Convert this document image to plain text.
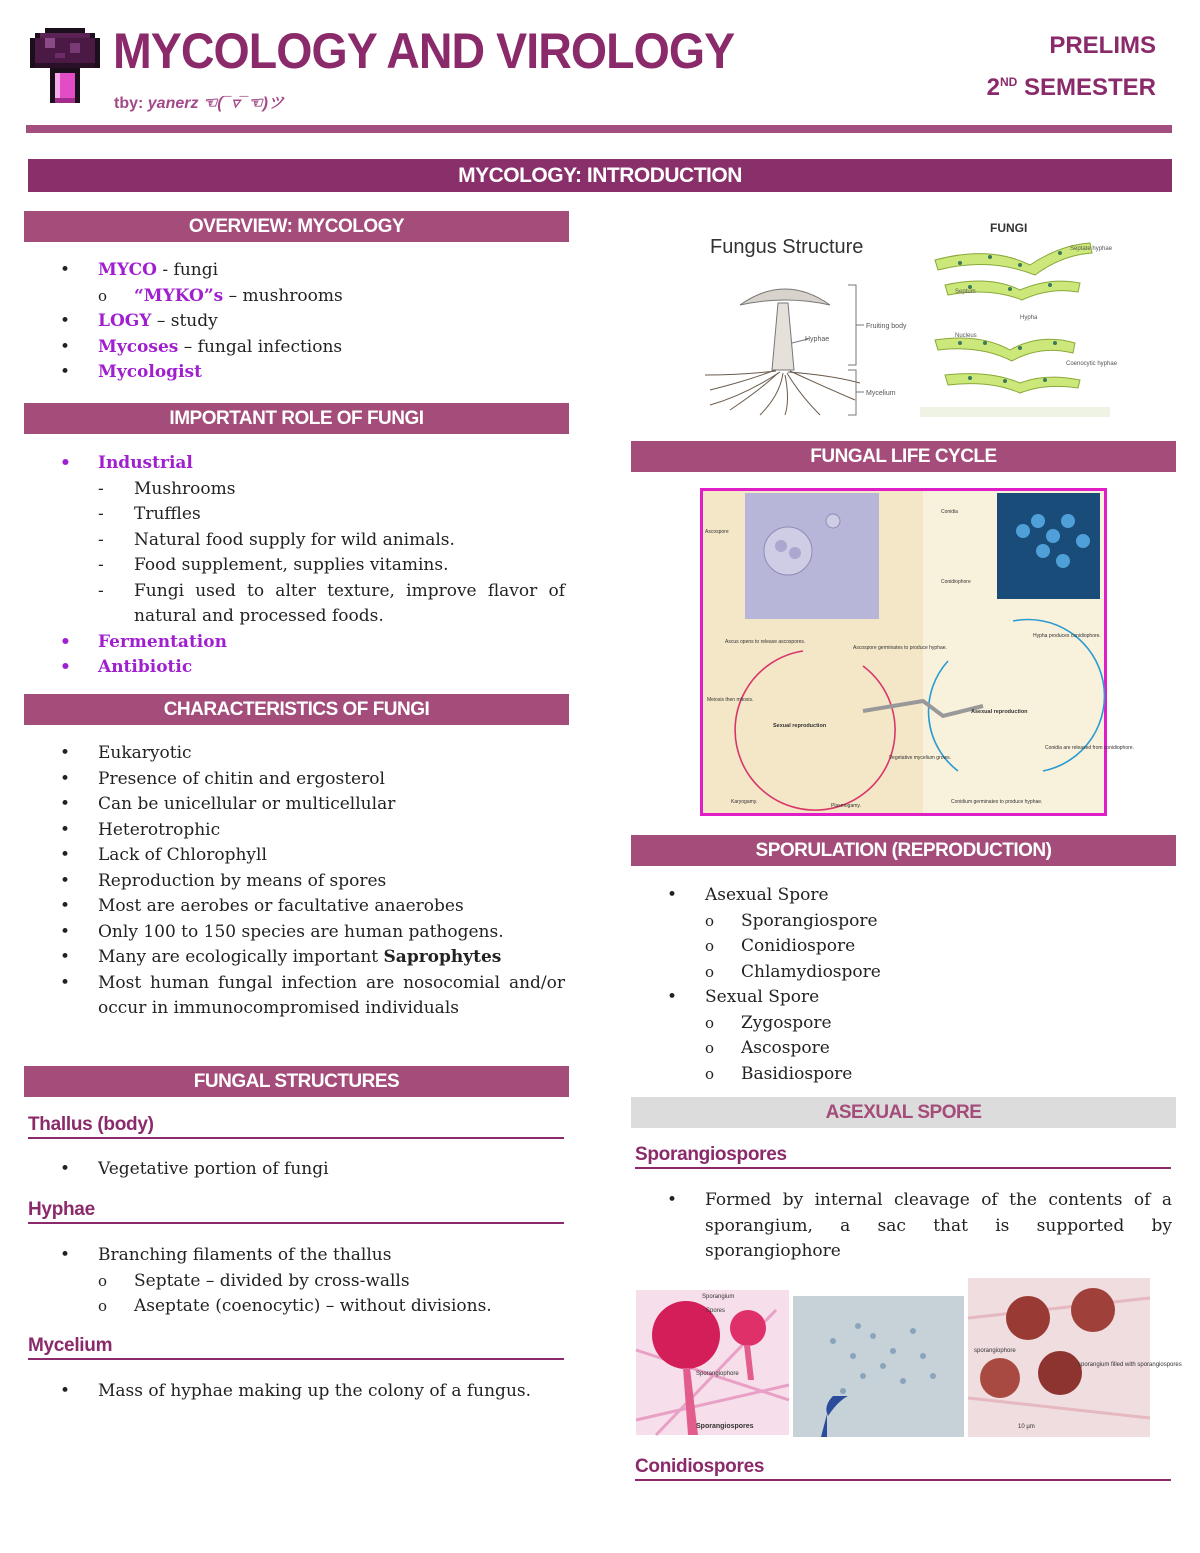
MYCOLOGY AND VIROLOGY
tby: yanerz ☜(¯▿¯☜)ツ
PRELIMS
2ND SEMESTER
MYCOLOGY: INTRODUCTION
OVERVIEW: MYCOLOGY
• MYCO - fungi
o “MYKO”s – mushrooms
• LOGY – study
• Mycoses – fungal infections
• Mycologist
IMPORTANT ROLE OF FUNGI
• Industrial
- Mushrooms
- Truffles
- Natural food supply for wild animals.
- Food supplement, supplies vitamins.
- Fungi used to alter texture, improve flavor of natural and processed foods.
• Fermentation
• Antibiotic
CHARACTERISTICS OF FUNGI
• Eukaryotic
• Presence of chitin and ergosterol
• Can be unicellular or multicellular
• Heterotrophic
• Lack of Chlorophyll
• Reproduction by means of spores
• Most are aerobes or facultative anaerobes
• Only 100 to 150 species are human pathogens.
• Many are ecologically important Saprophytes
• Most human fungal infection are nosocomial and/or occur in immunocompromised individuals
FUNGAL STRUCTURES
Thallus (body)
• Vegetative portion of fungi
Hyphae
• Branching filaments of the thallus
o Septate – divided by cross-walls
o Aseptate (coenocytic) – without divisions.
Mycelium
• Mass of hyphae making up the colony of a fungus.
Fungus Structure
Fruiting body
Mycelium
Hyphae
FUNGI
Septate hyphae
Septum
Hypha
Nucleus
Coenocytic hyphae
FUNGAL LIFE CYCLE
Ascospore
Conidia
Conidiophore
Sexual reproduction
Asexual reproduction
Ascus opens to release ascospores.
Ascospore germinates to produce hyphae.
Meiosis then mitosis.
Vegetative mycelium grows.
Karyogamy.
Plasmogamy.
Hypha produces conidiophore.
Conidia are released from conidiophore.
Conidium germinates to produce hyphae.
SPORULATION (REPRODUCTION)
• Asexual Spore
o Sporangiospore
o Conidiospore
o Chlamydiospore
• Sexual Spore
o Zygospore
o Ascospore
o Basidiospore
ASEXUAL SPORE
Sporangiospores
• Formed by internal cleavage of the contents of a sporangium, a sac that is supported by sporangiophore
Sporangium
Spores
Sporangiophore
Sporangiospores
sporangiophore
sporangium filled with sporangiospores
10 µm
Conidiospores
